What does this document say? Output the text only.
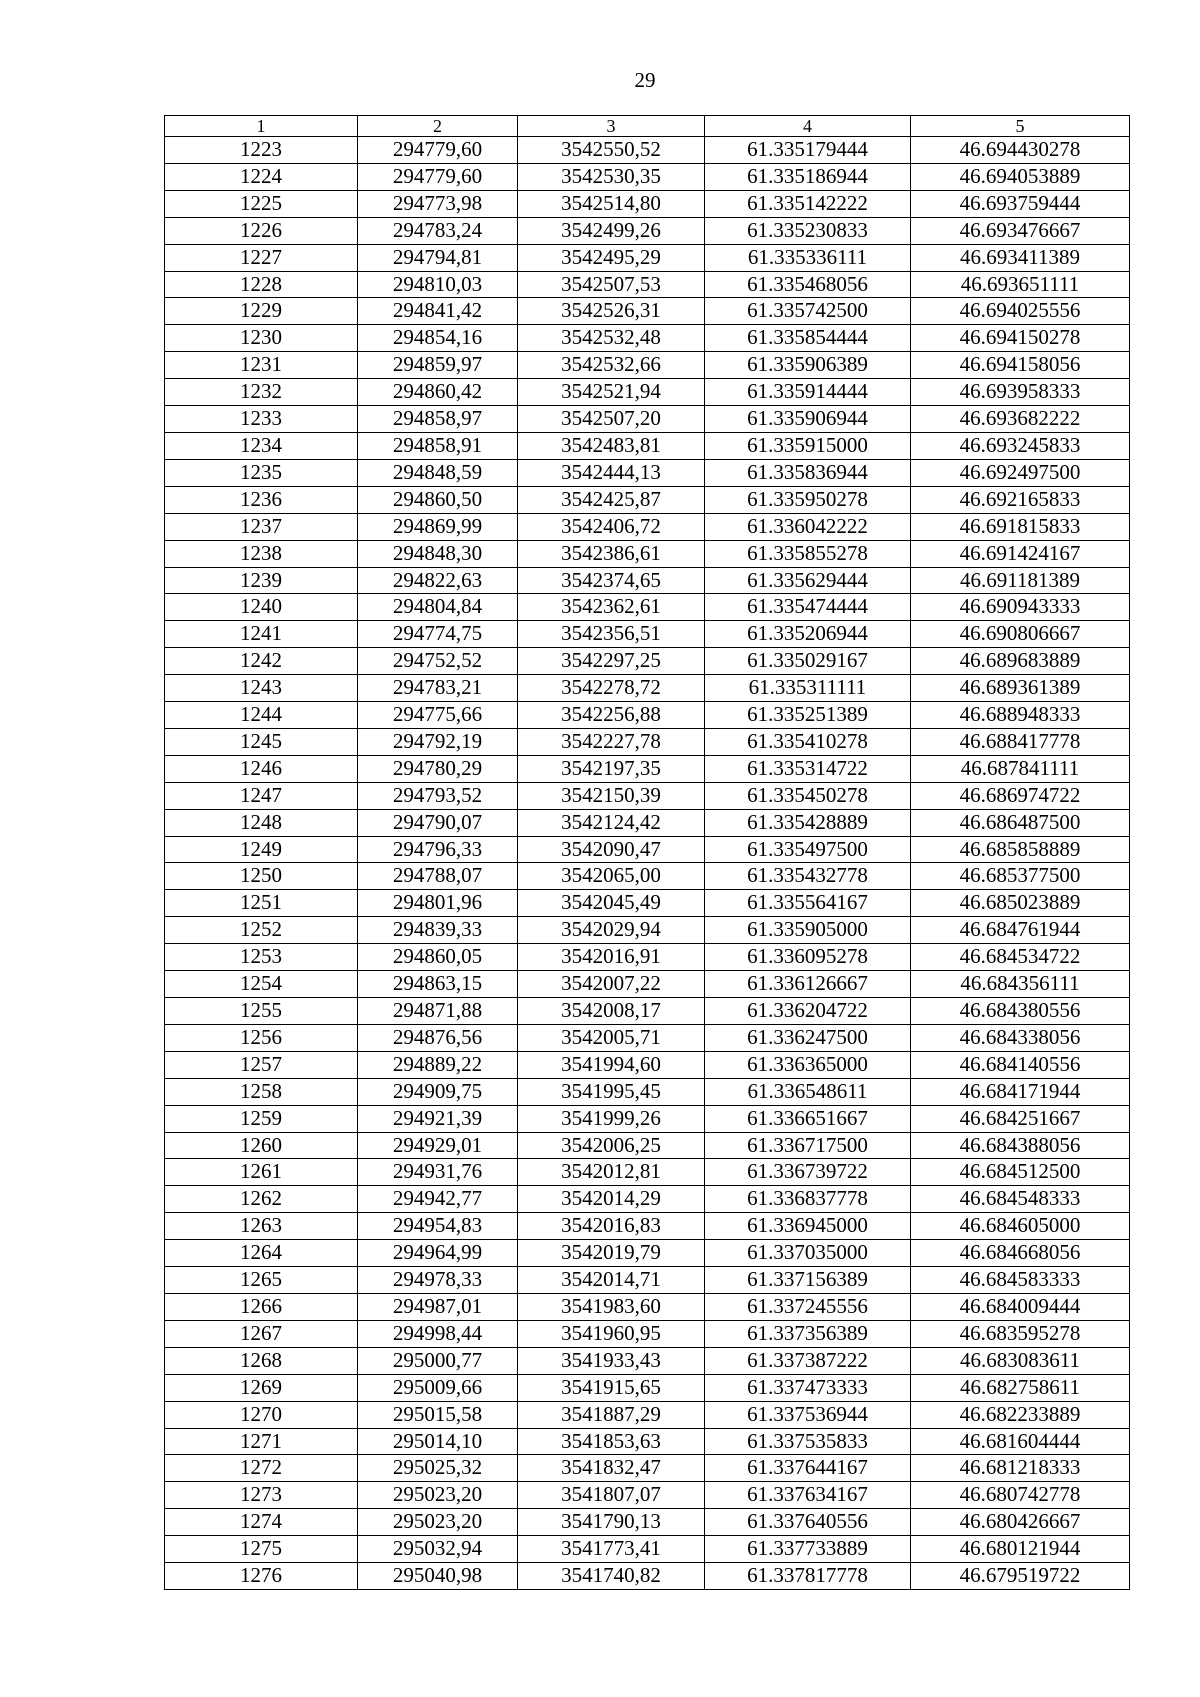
29
1	2	3	4	5
1223	294779,60	3542550,52	61.335179444	46.694430278
1224	294779,60	3542530,35	61.335186944	46.694053889
1225	294773,98	3542514,80	61.335142222	46.693759444
1226	294783,24	3542499,26	61.335230833	46.693476667
1227	294794,81	3542495,29	61.335336111	46.693411389
1228	294810,03	3542507,53	61.335468056	46.693651111
1229	294841,42	3542526,31	61.335742500	46.694025556
1230	294854,16	3542532,48	61.335854444	46.694150278
1231	294859,97	3542532,66	61.335906389	46.694158056
1232	294860,42	3542521,94	61.335914444	46.693958333
1233	294858,97	3542507,20	61.335906944	46.693682222
1234	294858,91	3542483,81	61.335915000	46.693245833
1235	294848,59	3542444,13	61.335836944	46.692497500
1236	294860,50	3542425,87	61.335950278	46.692165833
1237	294869,99	3542406,72	61.336042222	46.691815833
1238	294848,30	3542386,61	61.335855278	46.691424167
1239	294822,63	3542374,65	61.335629444	46.691181389
1240	294804,84	3542362,61	61.335474444	46.690943333
1241	294774,75	3542356,51	61.335206944	46.690806667
1242	294752,52	3542297,25	61.335029167	46.689683889
1243	294783,21	3542278,72	61.335311111	46.689361389
1244	294775,66	3542256,88	61.335251389	46.688948333
1245	294792,19	3542227,78	61.335410278	46.688417778
1246	294780,29	3542197,35	61.335314722	46.687841111
1247	294793,52	3542150,39	61.335450278	46.686974722
1248	294790,07	3542124,42	61.335428889	46.686487500
1249	294796,33	3542090,47	61.335497500	46.685858889
1250	294788,07	3542065,00	61.335432778	46.685377500
1251	294801,96	3542045,49	61.335564167	46.685023889
1252	294839,33	3542029,94	61.335905000	46.684761944
1253	294860,05	3542016,91	61.336095278	46.684534722
1254	294863,15	3542007,22	61.336126667	46.684356111
1255	294871,88	3542008,17	61.336204722	46.684380556
1256	294876,56	3542005,71	61.336247500	46.684338056
1257	294889,22	3541994,60	61.336365000	46.684140556
1258	294909,75	3541995,45	61.336548611	46.684171944
1259	294921,39	3541999,26	61.336651667	46.684251667
1260	294929,01	3542006,25	61.336717500	46.684388056
1261	294931,76	3542012,81	61.336739722	46.684512500
1262	294942,77	3542014,29	61.336837778	46.684548333
1263	294954,83	3542016,83	61.336945000	46.684605000
1264	294964,99	3542019,79	61.337035000	46.684668056
1265	294978,33	3542014,71	61.337156389	46.684583333
1266	294987,01	3541983,60	61.337245556	46.684009444
1267	294998,44	3541960,95	61.337356389	46.683595278
1268	295000,77	3541933,43	61.337387222	46.683083611
1269	295009,66	3541915,65	61.337473333	46.682758611
1270	295015,58	3541887,29	61.337536944	46.682233889
1271	295014,10	3541853,63	61.337535833	46.681604444
1272	295025,32	3541832,47	61.337644167	46.681218333
1273	295023,20	3541807,07	61.337634167	46.680742778
1274	295023,20	3541790,13	61.337640556	46.680426667
1275	295032,94	3541773,41	61.337733889	46.680121944
1276	295040,98	3541740,82	61.337817778	46.679519722
